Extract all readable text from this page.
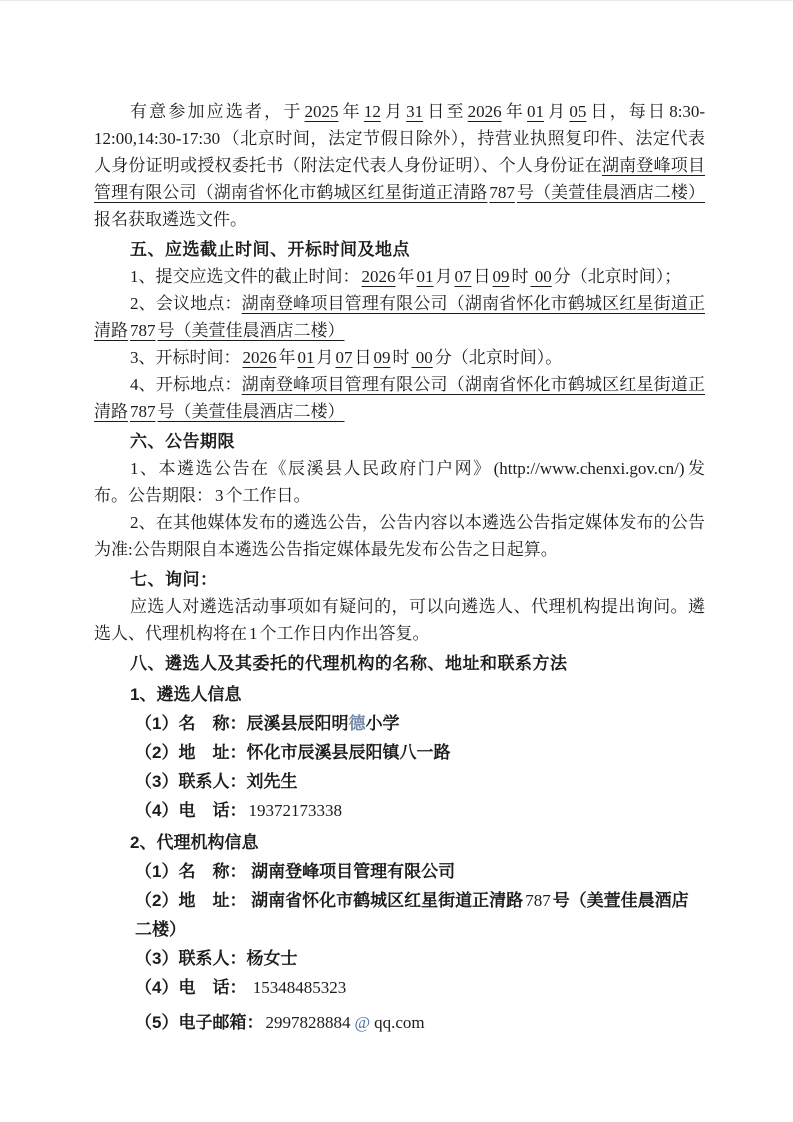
有意参加应选者，于 2025 年 12 月 31 日至 2026 年 01 月 05 日，每日 8:30-12:00,14:30-17:30 （北京时间，法定节假日除外），持营业执照复印件、法定代表人身份证明或授权委托书（附法定代表人身份证明）、个人身份证在湖南登峰项目管理有限公司（湖南省怀化市鹤城区红星街道正清路 787 号（美萱佳晨酒店二楼）报名获取遴选文件。

五、应选截止时间、开标时间及地点

1、提交应选文件的截止时间： 2026 年 01 月 07 日 09 时 00 分（北京时间）；

2、会议地点：湖南登峰项目管理有限公司（湖南省怀化市鹤城区红星街道正清路 787 号（美萱佳晨酒店二楼）

3、开标时间： 2026 年 01 月 07 日 09 时 00 分（北京时间）。

4、开标地点：湖南登峰项目管理有限公司（湖南省怀化市鹤城区红星街道正清路 787 号（美萱佳晨酒店二楼）

六、公告期限

1、本遴选公告在《辰溪县人民政府门户网》 (http://www.chenxi.gov.cn/) 发布。公告期限： 3 个工作日。

2、在其他媒体发布的遴选公告，公告内容以本遴选公告指定媒体发布的公告为准:公告期限自本遴选公告指定媒体最先发布公告之日起算。

七、询问：

应选人对遴选活动事项如有疑问的，可以向遴选人、代理机构提出询问。遴选人、代理机构将在 1 个工作日内作出答复。

八、遴选人及其委托的代理机构的名称、地址和联系方法

1、遴选人信息

（1）名　称：辰溪县辰阳明德小学

（2）地　址：怀化市辰溪县辰阳镇八一路

（3）联系人：刘先生

（4）电　话： 19372173338

2、代理机构信息

（1）名　称： 湖南登峰项目管理有限公司

（2）地　址： 湖南省怀化市鹤城区红星街道正清路 787 号（美萱佳晨酒店二楼）

（3）联系人：杨女士

（4）电　话： 15348485323

（5）电子邮箱： 2997828884 @ qq.com
